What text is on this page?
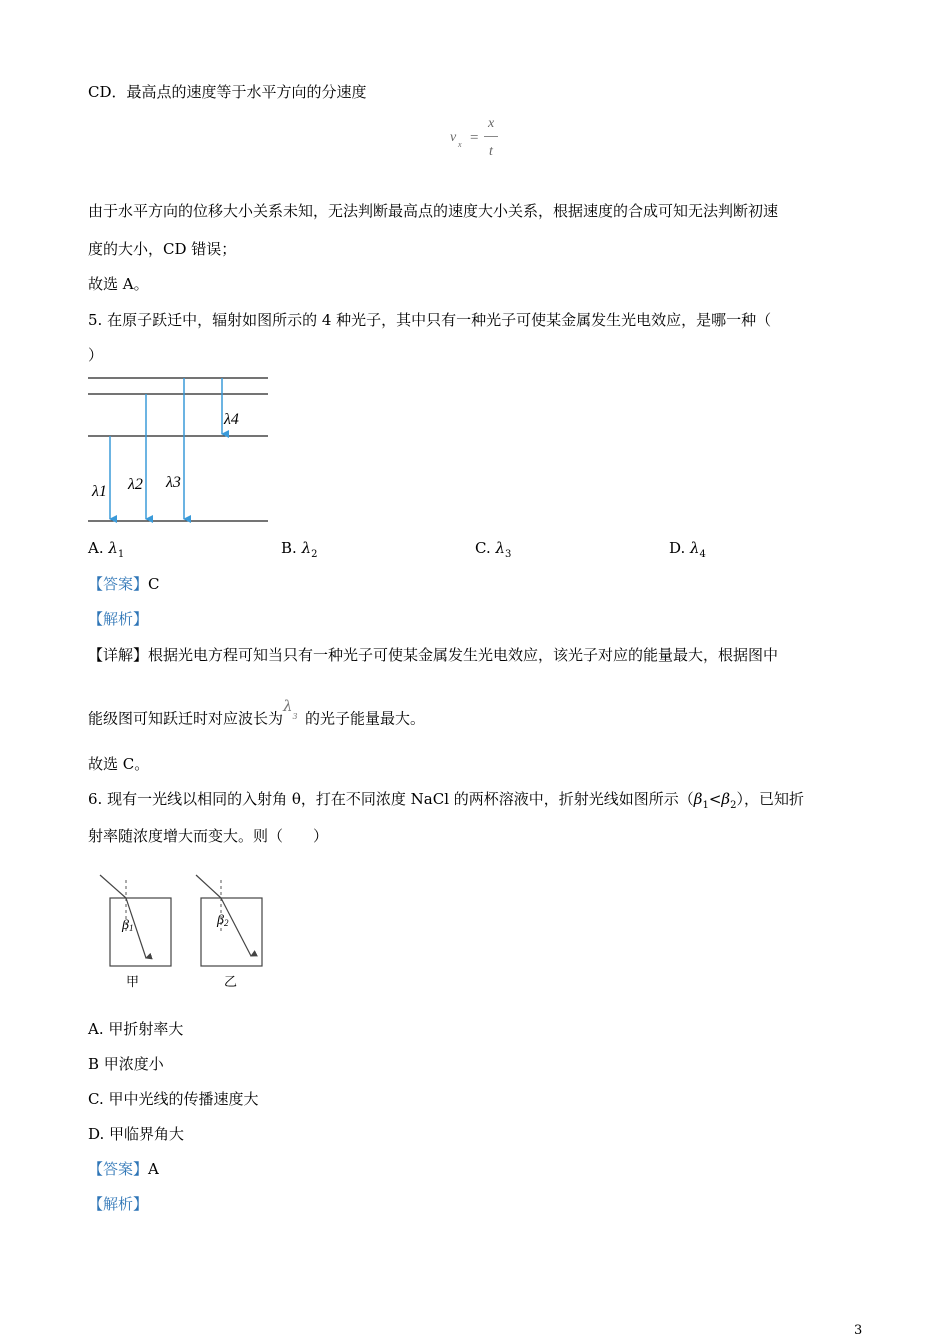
CD．最高点的速度等于水平方向的分速度
v x =
x
t
由于水平方向的位移大小关系未知，无法判断最高点的速度大小关系，根据速度的合成可知无法判断初速
度的大小，CD 错误；
故选 A。
5. 在原子跃迁中，辐射如图所示的 4 种光子，其中只有一种光子可使某金属发生光电效应，是哪一种（
）
λ1 λ2 λ3
λ4
A. $\lambda_1$	B. $\lambda_2$	C. $\lambda_3$	D. $\lambda_4$
【答案】C
【解析】
【详解】根据光电方程可知当只有一种光子可使某金属发生光电效应，该光子对应的能量最大，根据图中
能级图可知跃迁时对应波长为$\lambda_3$ 的光子能量最大。
故选 C。
6. 现有一光线以相同的入射角 θ，打在不同浓度 NaCl 的两杯溶液中，折射光线如图所示$(\beta_1<\beta_2)$，已知折
射率随浓度增大而变大。则（　　）
β1	β2
甲	乙
A. 甲折射率大
B 甲浓度小
C. 甲中光线的传播速度大
D. 甲临界角大
【答案】A
【解析】
3
